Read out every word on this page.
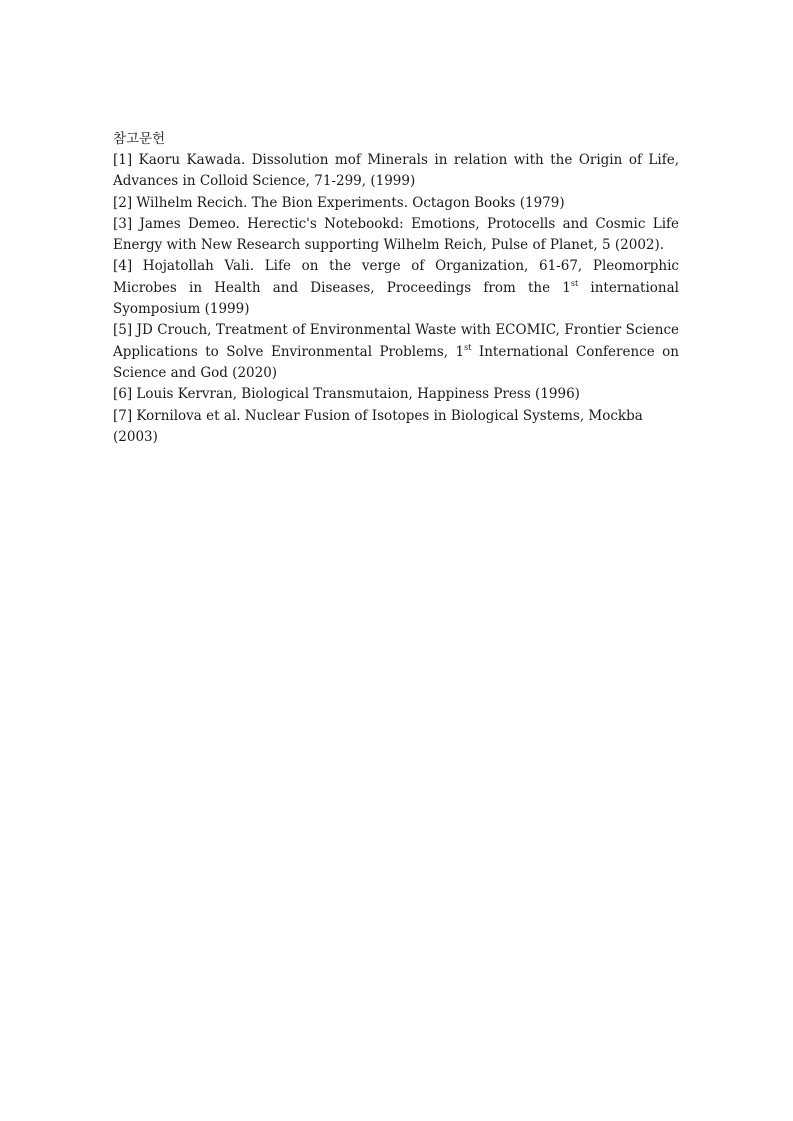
참고문헌

[1] Kaoru Kawada. Dissolution mof Minerals in relation with the Origin of Life, Advances in Colloid Science, 71-299, (1999)

[2] Wilhelm Recich. The Bion Experiments. Octagon Books (1979)

[3] James Demeo. Herectic's Notebookd: Emotions, Protocells and Cosmic Life Energy with New Research supporting Wilhelm Reich, Pulse of Planet, 5 (2002).

[4] Hojatollah Vali. Life on the verge of Organization, 61-67, Pleomorphic Microbes in Health and Diseases, Proceedings from the 1st international Syomposium (1999)

[5] JD Crouch, Treatment of Environmental Waste with ECOMIC, Frontier Science Applications to Solve Environmental Problems, 1st International Conference on Science and God (2020)

[6] Louis Kervran, Biological Transmutaion, Happiness Press (1996)

[7] Kornilova et al. Nuclear Fusion of Isotopes in Biological Systems, Mockba (2003)
